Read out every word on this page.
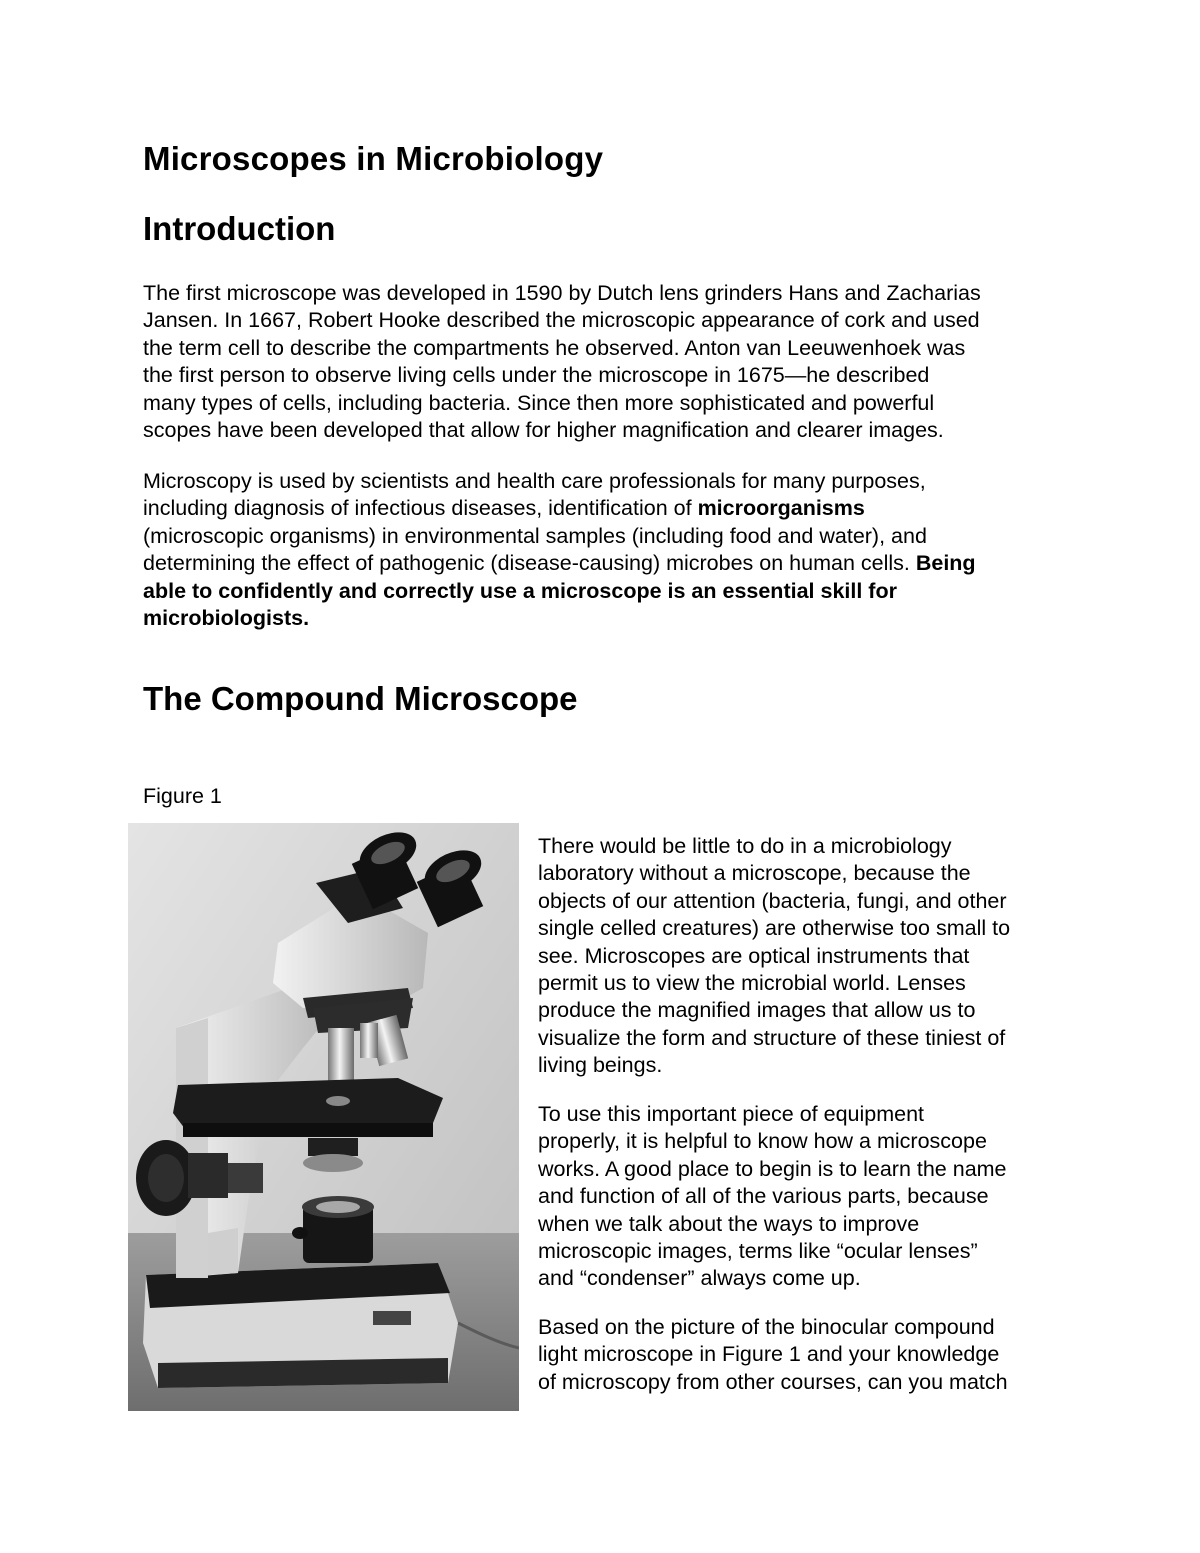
Microscopes in Microbiology
Introduction

The first microscope was developed in 1590 by Dutch lens grinders Hans and Zacharias
Jansen. In 1667, Robert Hooke described the microscopic appearance of cork and used
the term cell to describe the compartments he observed. Anton van Leeuwenhoek was
the first person to observe living cells under the microscope in 1675—he described
many types of cells, including bacteria. Since then more sophisticated and powerful
scopes have been developed that allow for higher magnification and clearer images.

Microscopy is used by scientists and health care professionals for many purposes,
including diagnosis of infectious diseases, identification of microorganisms
(microscopic organisms) in environmental samples (including food and water), and
determining the effect of pathogenic (disease-causing) microbes on human cells. Being
able to confidently and correctly use a microscope is an essential skill for
microbiologists.

The Compound Microscope

Figure 1

There would be little to do in a microbiology
laboratory without a microscope, because the
objects of our attention (bacteria, fungi, and other
single celled creatures) are otherwise too small to
see. Microscopes are optical instruments that
permit us to view the microbial world. Lenses
produce the magnified images that allow us to
visualize the form and structure of these tiniest of
living beings.

To use this important piece of equipment
properly, it is helpful to know how a microscope
works. A good place to begin is to learn the name
and function of all of the various parts, because
when we talk about the ways to improve
microscopic images, terms like “ocular lenses”
and “condenser” always come up.

Based on the picture of the binocular compound
light microscope in Figure 1 and your knowledge
of microscopy from other courses, can you match
